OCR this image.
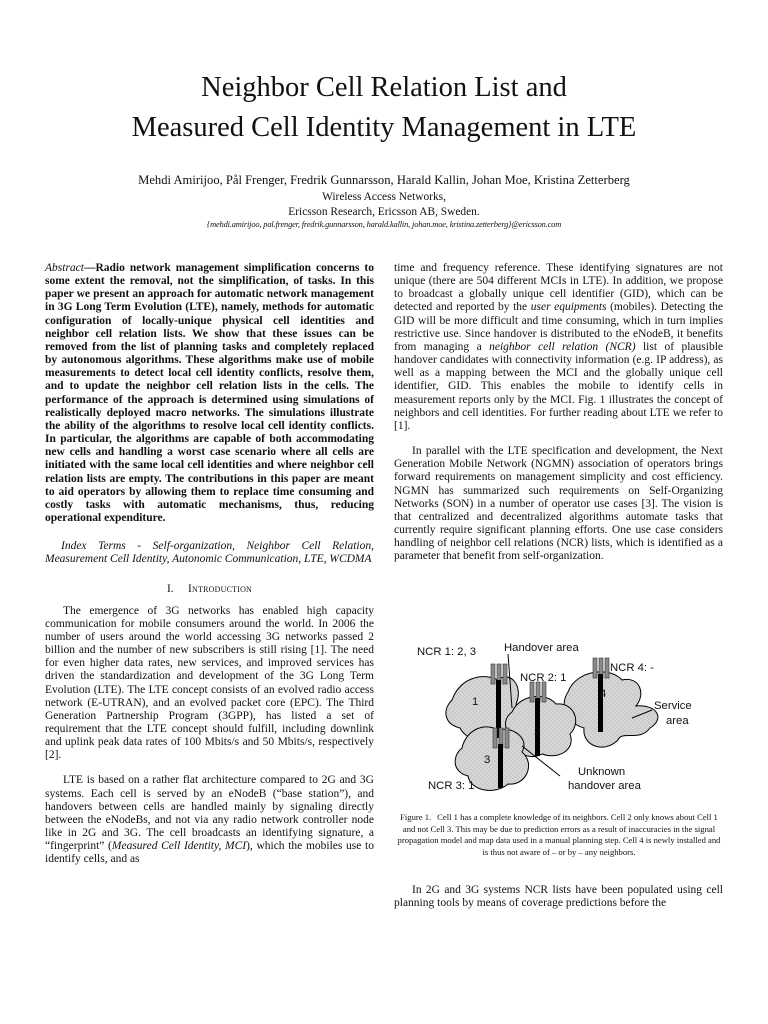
Neighbor Cell Relation List and
Measured Cell Identity Management in LTE
Mehdi Amirijoo, Pål Frenger, Fredrik Gunnarsson, Harald Kallin, Johan Moe, Kristina Zetterberg
Wireless Access Networks,
Ericsson Research, Ericsson AB, Sweden.
{mehdi.amirijoo, pal.frenger, fredrik.gunnarsson, harald.kallin, johan.moe, kristina.zetterberg}@ericsson.com

Abstract—Radio network management simplification concerns to some extent the removal, not the simplification, of tasks. In this paper we present an approach for automatic network management in 3G Long Term Evolution (LTE), namely, methods for automatic configuration of locally-unique physical cell identities and neighbor cell relation lists. We show that these issues can be removed from the list of planning tasks and completely replaced by autonomous algorithms. These algorithms make use of mobile measurements to detect local cell identity conflicts, resolve them, and to update the neighbor cell relation lists in the cells. The performance of the approach is determined using simulations of realistically deployed macro networks. The simulations illustrate the ability of the algorithms to resolve local cell identity conflicts. In particular, the algorithms are capable of both accommodating new cells and handling a worst case scenario where all cells are initiated with the same local cell identities and where neighbor cell relation lists are empty. The contributions in this paper are meant to aid operators by allowing them to replace time consuming and costly tasks with automatic mechanisms, thus, reducing operational expenditure.

Index Terms - Self-organization, Neighbor Cell Relation, Measurement Cell Identity, Autonomic Communication, LTE, WCDMA

I. Introduction

The emergence of 3G networks has enabled high capacity communication for mobile consumers around the world. In 2006 the number of users around the world accessing 3G networks passed 2 billion and the number of new subscribers is still rising [1]. The need for even higher data rates, new services, and improved services has driven the standardization and development of the 3G Long Term Evolution (LTE). The LTE concept consists of an evolved radio access network (E-UTRAN), and an evolved packet core (EPC). The Third Generation Partnership Program (3GPP), has listed a set of requirement that the LTE concept should fulfill, including downlink and uplink peak data rates of 100 Mbits/s and 50 Mbits/s, respectively [2].

LTE is based on a rather flat architecture compared to 2G and 3G systems. Each cell is served by an eNodeB (“base station”), and handovers between cells are handled mainly by signaling directly between the eNodeBs, and not via any radio network controller node like in 2G and 3G. The cell broadcasts an identifying signature, a “fingerprint” (Measured Cell Identity, MCI), which the mobiles use to identify cells, and as

time and frequency reference. These identifying signatures are not unique (there are 504 different MCIs in LTE). In addition, we propose to broadcast a globally unique cell identifier (GID), which can be detected and reported by the user equipments (mobiles). Detecting the GID will be more difficult and time consuming, which in turn implies restrictive use. Since handover is distributed to the eNodeB, it benefits from managing a neighbor cell relation (NCR) list of plausible handover candidates with connectivity information (e.g. IP address), as well as a mapping between the MCI and the globally unique cell identifier, GID. This enables the mobile to identify cells in measurement reports only by the MCI. Fig. 1 illustrates the concept of neighbors and cell identities. For further reading about LTE we refer to [1].

In parallel with the LTE specification and development, the Next Generation Mobile Network (NGMN) association of operators brings forward requirements on management simplicity and cost efficiency. NGMN has summarized such requirements on Self-Organizing Networks (SON) in a number of operator use cases [3]. The vision is that centralized and decentralized algorithms automate tasks that currently require significant planning efforts. One use case considers handling of neighbor cell relations (NCR) lists, which is identified as a parameter that benefit from self-organization.

NCR 1: 2, 3 Handover area
NCR 2: 1
NCR 4: -
Service
area
NCR 3: 1
Unknown
handover area
1
2
3
4
Figure 1. Cell 1 has a complete knowledge of its neighbors. Cell 2 only knows about Cell 1 and not Cell 3. This may be due to prediction errors as a result of inaccuracies in the signal propagation model and map data used in a manual planning step. Cell 4 is newly installed and is thus not aware of – or by – any neighbors.

In 2G and 3G systems NCR lists have been populated using cell planning tools by means of coverage predictions before the
